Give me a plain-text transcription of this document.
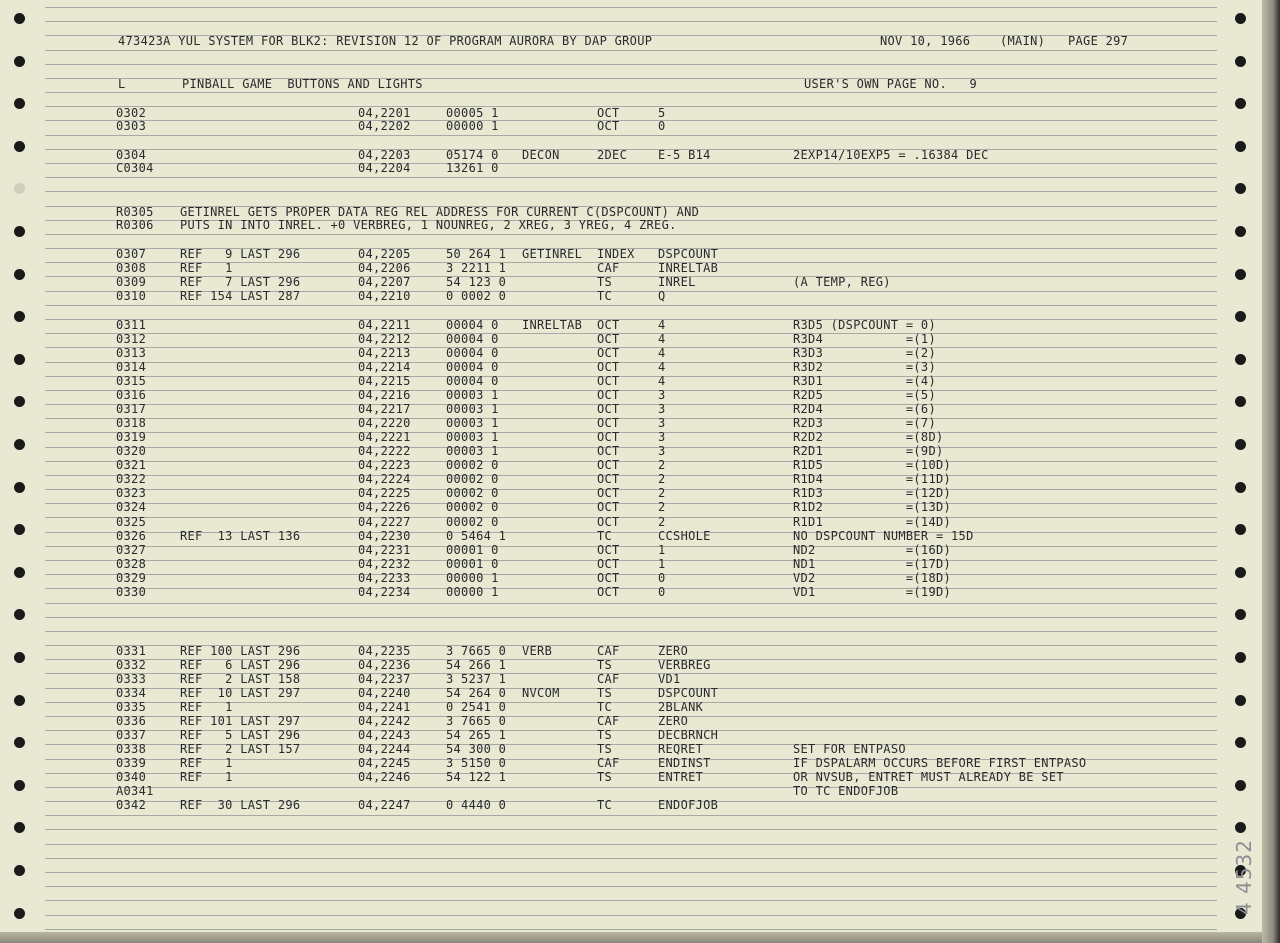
473423A YUL SYSTEM FOR BLK2: REVISION 12 OF PROGRAM AURORA BY DAP GROUP	NOV 10, 1966 (MAIN) PAGE 297
L	PINBALL GAME  BUTTONS AND LIGHTS	USER'S OWN PAGE NO.   9
0302	04,2201	00005 1	OCT	5
0303	04,2202	00000 1	OCT	0
0304	04,2203	05174 0 DECON	2DEC	E-5 B14	2EXP14/10EXP5 = .16384 DEC
C0304	04,2204	13261 0
R0305 GETINREL GETS PROPER DATA REG REL ADDRESS FOR CURRENT C(DSPCOUNT) AND
R0306 PUTS IN INTO INREL. +0 VERBREG, 1 NOUNREG, 2 XREG, 3 YREG, 4 ZREG.
0307	REF   9 LAST 296	04,2205	50 264 1 GETINREL INDEX DSPCOUNT
0308	REF   1	04,2206	3 2211 1	CAF	INRELTAB
0309	REF   7 LAST 296	04,2207	54 123 0	TS	INREL	(A TEMP, REG)
0310	REF 154 LAST 287	04,2210	0 0002 0	TC	Q
0311	04,2211	00004 0 INRELTAB OCT	4	R3D5 (DSPCOUNT = 0)
0312	04,2212	00004 0	OCT	4	R3D4           =(1)
0313	04,2213	00004 0	OCT	4	R3D3           =(2)
0314	04,2214	00004 0	OCT	4	R3D2           =(3)
0315	04,2215	00004 0	OCT	4	R3D1           =(4)
0316	04,2216	00003 1	OCT	3	R2D5           =(5)
0317	04,2217	00003 1	OCT	3	R2D4           =(6)
0318	04,2220	00003 1	OCT	3	R2D3           =(7)
0319	04,2221	00003 1	OCT	3	R2D2           =(8D)
0320	04,2222	00003 1	OCT	3	R2D1           =(9D)
0321	04,2223	00002 0	OCT	2	R1D5           =(10D)
0322	04,2224	00002 0	OCT	2	R1D4           =(11D)
0323	04,2225	00002 0	OCT	2	R1D3           =(12D)
0324	04,2226	00002 0	OCT	2	R1D2           =(13D)
0325	04,2227	00002 0	OCT	2	R1D1           =(14D)
0326	REF  13 LAST 136	04,2230	0 5464 1	TC	CCSHOLE	NO DSPCOUNT NUMBER = 15D
0327	04,2231	00001 0	OCT	1	ND2            =(16D)
0328	04,2232	00001 0	OCT	1	ND1            =(17D)
0329	04,2233	00000 1	OCT	0	VD2            =(18D)
0330	04,2234	00000 1	OCT	0	VD1            =(19D)
0331	REF 100 LAST 296	04,2235	3 7665 0 VERB	CAF	ZERO
0332	REF   6 LAST 296	04,2236	54 266 1	TS	VERBREG
0333	REF   2 LAST 158	04,2237	3 5237 1	CAF	VD1
0334	REF  10 LAST 297	04,2240	54 264 0 NVCOM	TS	DSPCOUNT
0335	REF   1	04,2241	0 2541 0	TC	2BLANK
0336	REF 101 LAST 297	04,2242	3 7665 0	CAF	ZERO
0337	REF   5 LAST 296	04,2243	54 265 1	TS	DECBRNCH
0338	REF   2 LAST 157	04,2244	54 300 0	TS	REQRET	SET FOR ENTPASO
0339	REF   1	04,2245	3 5150 0	CAF	ENDINST	IF DSPALARM OCCURS BEFORE FIRST ENTPASO
0340	REF   1	04,2246	54 122 1	TS	ENTRET	OR NVSUB, ENTRET MUST ALREADY BE SET
A0341	TO TC ENDOFJOB
0342	REF  30 LAST 296	04,2247	0 4440 0	TC	ENDOFJOB
4 4532
